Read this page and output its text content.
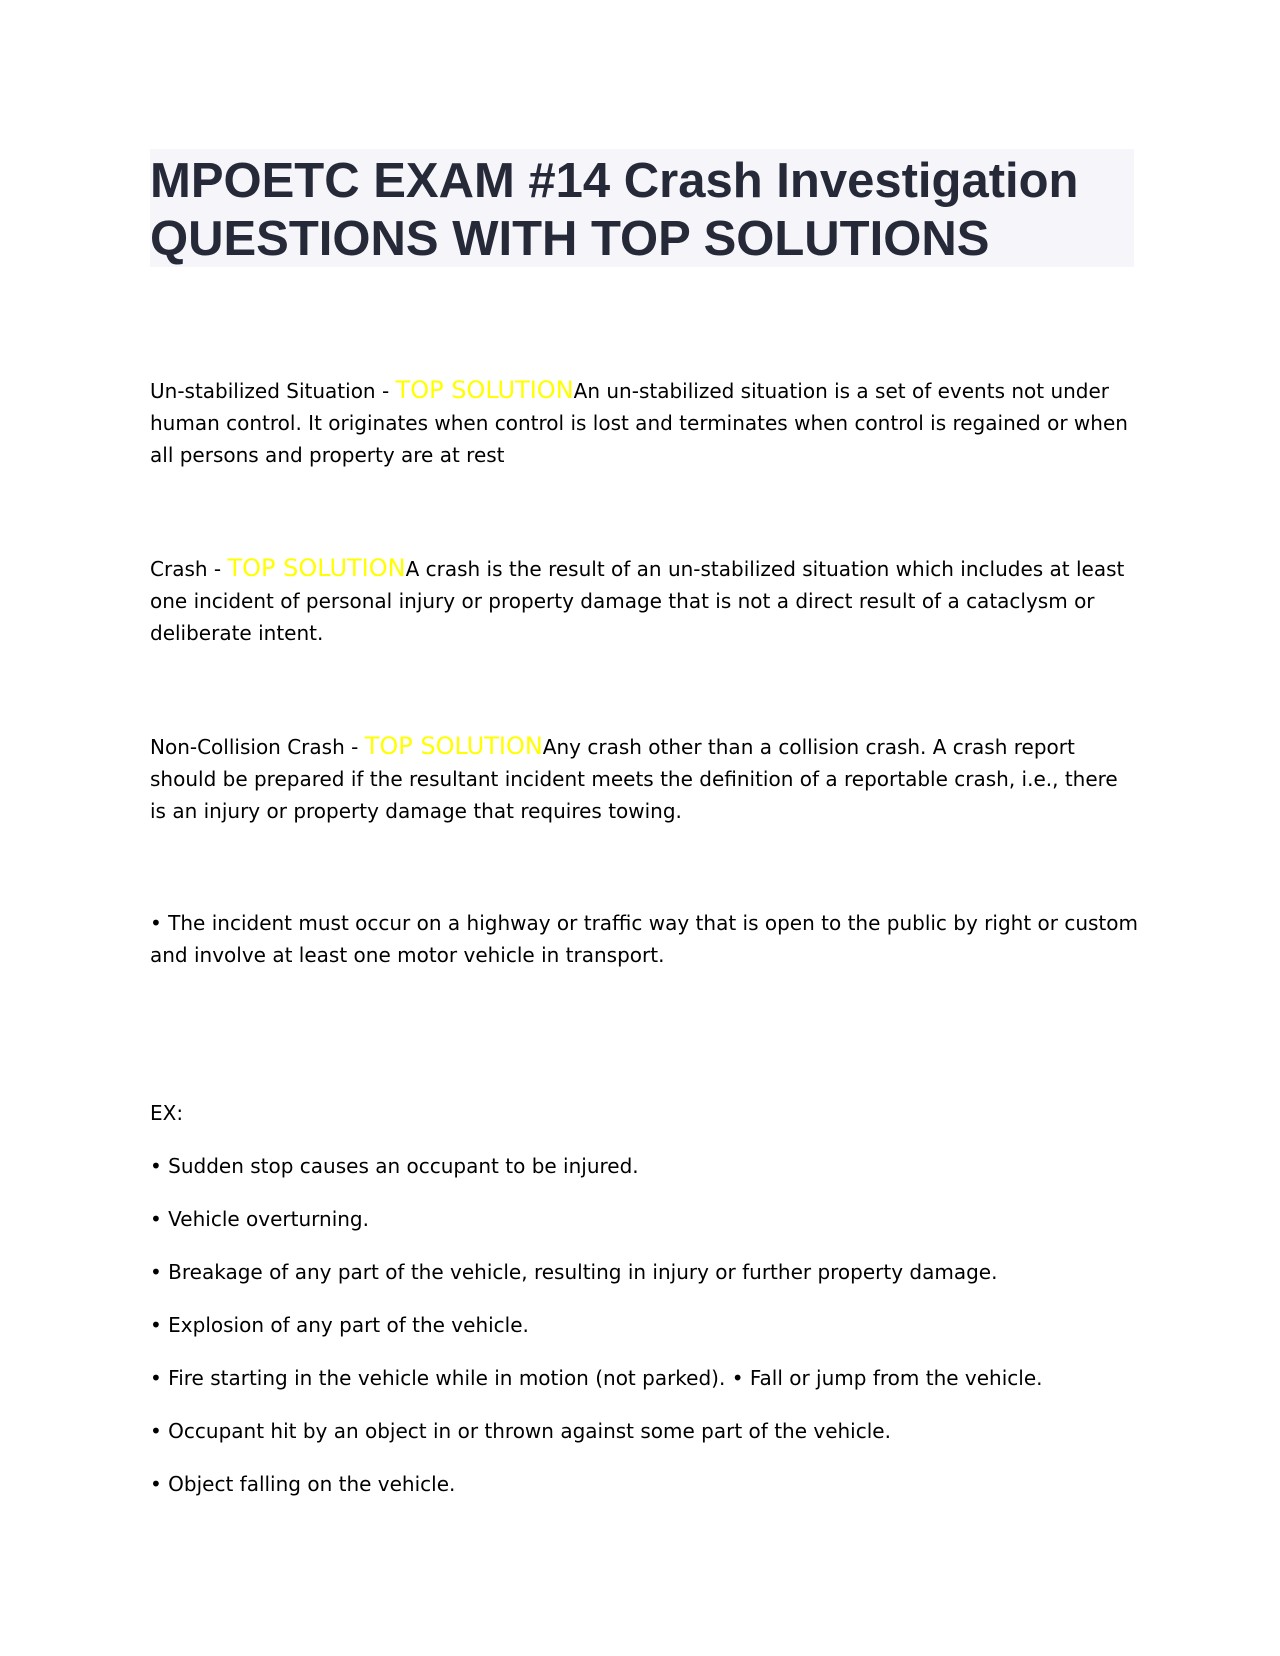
MPOETC EXAM #14 Crash Investigation
QUESTIONS WITH TOP SOLUTIONS
Un-stabilized Situation - TOP SOLUTIONAn un-stabilized situation is a set of events not under human control. It originates when control is lost and terminates when control is regained or when all persons and property are at rest
Crash - TOP SOLUTIONA crash is the result of an un-stabilized situation which includes at least one incident of personal injury or property damage that is not a direct result of a cataclysm or deliberate intent.
Non-Collision Crash - TOP SOLUTIONAny crash other than a collision crash. A crash report should be prepared if the resultant incident meets the definition of a reportable crash, i.e., there is an injury or property damage that requires towing.
• The incident must occur on a highway or traffic way that is open to the public by right or custom and involve at least one motor vehicle in transport.
EX:
• Sudden stop causes an occupant to be injured.
• Vehicle overturning.
• Breakage of any part of the vehicle, resulting in injury or further property damage.
• Explosion of any part of the vehicle.
• Fire starting in the vehicle while in motion (not parked). • Fall or jump from the vehicle.
• Occupant hit by an object in or thrown against some part of the vehicle.
• Object falling on the vehicle.
